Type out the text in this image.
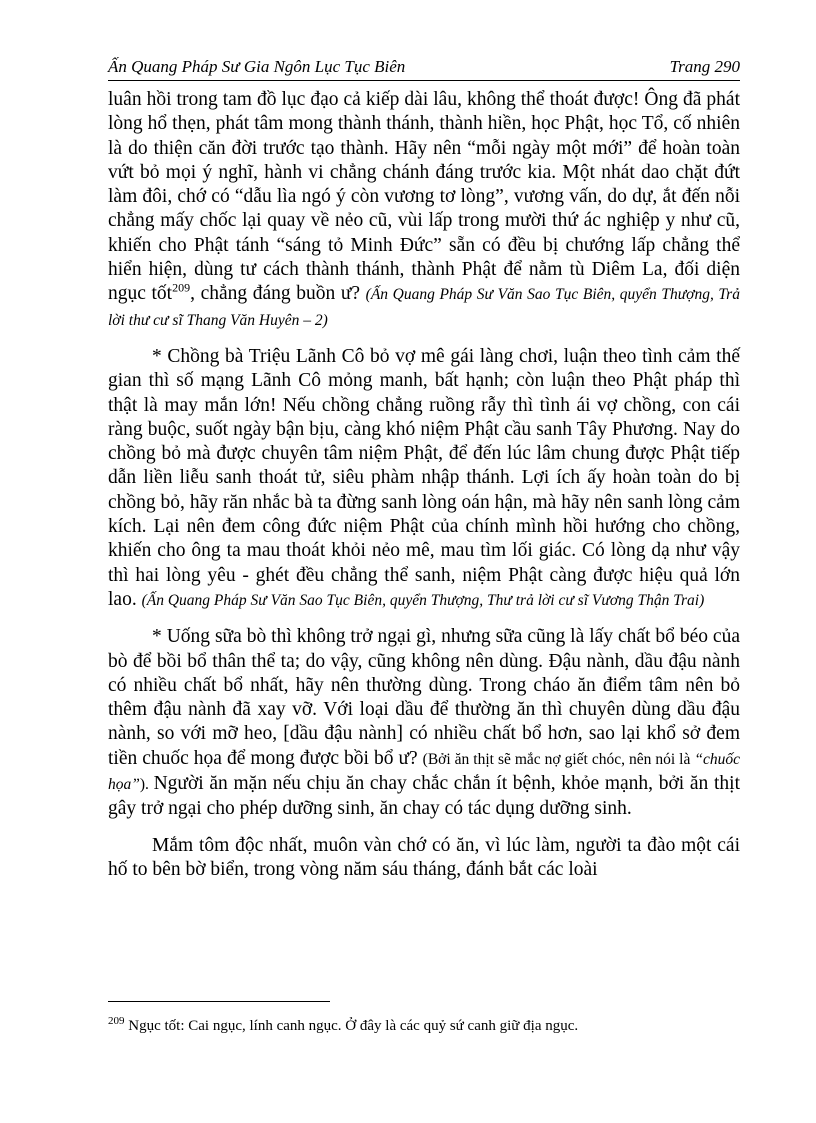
Ấn Quang Pháp Sư Gia Ngôn Lục Tục Biên	Trang 290

luân hồi trong tam đồ lục đạo cả kiếp dài lâu, không thể thoát được! Ông đã phát lòng hổ thẹn, phát tâm mong thành thánh, thành hiền, học Phật, học Tổ, cố nhiên là do thiện căn đời trước tạo thành. Hãy nên “mỗi ngày một mới” để hoàn toàn vứt bỏ mọi ý nghĩ, hành vi chẳng chánh đáng trước kia. Một nhát dao chặt đứt làm đôi, chớ có “dẫu lìa ngó ý còn vương tơ lòng”, vương vấn, do dự, ắt đến nỗi chẳng mấy chốc lại quay về nẻo cũ, vùi lấp trong mười thứ ác nghiệp y như cũ, khiến cho Phật tánh “sáng tỏ Minh Đức” sẵn có đều bị chướng lấp chẳng thể hiển hiện, dùng tư cách thành thánh, thành Phật để nằm tù Diêm La, đối diện ngục tốt$^{209}$, chẳng đáng buồn ư? (Ấn Quang Pháp Sư Văn Sao Tục Biên, quyển Thượng, Trả lời thư cư sĩ Thang Văn Huyên – 2)

* Chồng bà Triệu Lãnh Cô bỏ vợ mê gái làng chơi, luận theo tình cảm thế gian thì số mạng Lãnh Cô mỏng manh, bất hạnh; còn luận theo Phật pháp thì thật là may mắn lớn! Nếu chồng chẳng ruồng rẫy thì tình ái vợ chồng, con cái ràng buộc, suốt ngày bận bịu, càng khó niệm Phật cầu sanh Tây Phương. Nay do chồng bỏ mà được chuyên tâm niệm Phật, để đến lúc lâm chung được Phật tiếp dẫn liền liễu sanh thoát tử, siêu phàm nhập thánh. Lợi ích ấy hoàn toàn do bị chồng bỏ, hãy răn nhắc bà ta đừng sanh lòng oán hận, mà hãy nên sanh lòng cảm kích. Lại nên đem công đức niệm Phật của chính mình hồi hướng cho chồng, khiến cho ông ta mau thoát khỏi nẻo mê, mau tìm lối giác. Có lòng dạ như vậy thì hai lòng yêu - ghét đều chẳng thể sanh, niệm Phật càng được hiệu quả lớn lao. (Ấn Quang Pháp Sư Văn Sao Tục Biên, quyển Thượng, Thư trả lời cư sĩ Vương Thận Trai)

* Uống sữa bò thì không trở ngại gì, nhưng sữa cũng là lấy chất bổ béo của bò để bồi bổ thân thể ta; do vậy, cũng không nên dùng. Đậu nành, dầu đậu nành có nhiều chất bổ nhất, hãy nên thường dùng. Trong cháo ăn điểm tâm nên bỏ thêm đậu nành đã xay vỡ. Với loại dầu để thường ăn thì chuyên dùng dầu đậu nành, so với mỡ heo, [dầu đậu nành] có nhiều chất bổ hơn, sao lại khổ sở đem tiền chuốc họa để mong được bồi bổ ư? (Bởi ăn thịt sẽ mắc nợ giết chóc, nên nói là “chuốc họa”). Người ăn mặn nếu chịu ăn chay chắc chắn ít bệnh, khỏe mạnh, bởi ăn thịt gây trở ngại cho phép dưỡng sinh, ăn chay có tác dụng dưỡng sinh.

Mắm tôm độc nhất, muôn vàn chớ có ăn, vì lúc làm, người ta đào một cái hố to bên bờ biển, trong vòng năm sáu tháng, đánh bắt các loài

$^{209}$ Ngục tốt: Cai ngục, lính canh ngục. Ở đây là các quỷ sứ canh giữ địa ngục.
